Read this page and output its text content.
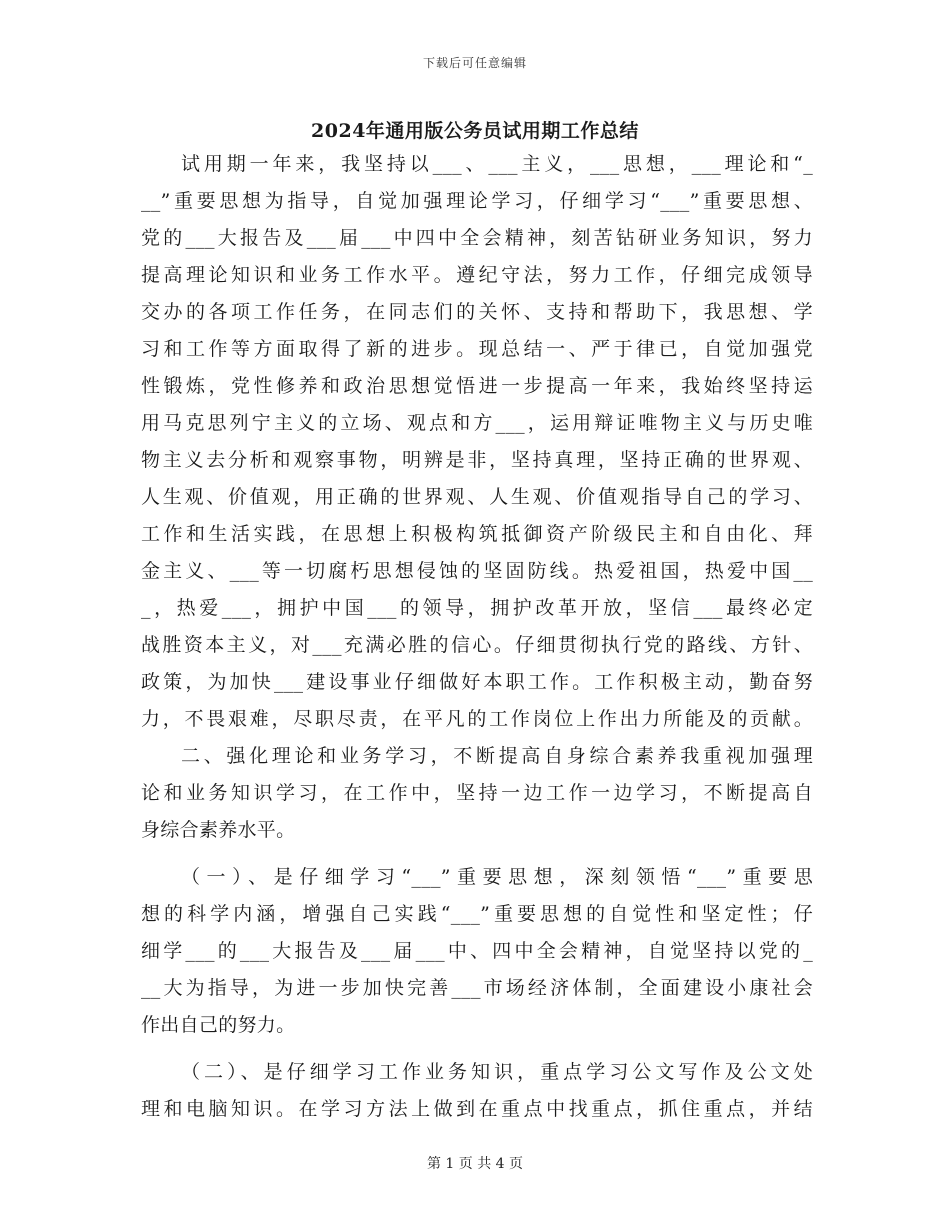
下载后可任意编辑
2024年通用版公务员试用期工作总结
试用期一年来，我坚持以___、___主义，___思想，___理论和“_
__”重要思想为指导，自觉加强理论学习，仔细学习“___”重要思想、
党的___大报告及___届___中四中全会精神，刻苦钻研业务知识，努力
提高理论知识和业务工作水平。遵纪守法，努力工作，仔细完成领导
交办的各项工作任务，在同志们的关怀、支持和帮助下，我思想、学
习和工作等方面取得了新的进步。现总结一、严于律已，自觉加强党
性锻炼，党性修养和政治思想觉悟进一步提高一年来，我始终坚持运
用马克思列宁主义的立场、观点和方___，运用辩证唯物主义与历史唯
物主义去分析和观察事物，明辨是非，坚持真理，坚持正确的世界观、
人生观、价值观，用正确的世界观、人生观、价值观指导自己的学习、
工作和生活实践，在思想上积极构筑抵御资产阶级民主和自由化、拜
金主义、___等一切腐朽思想侵蚀的坚固防线。热爱祖国，热爱中国__
_，热爱___，拥护中国___的领导，拥护改革开放，坚信___最终必定
战胜资本主义，对___充满必胜的信心。仔细贯彻执行党的路线、方针、
政策，为加快___建设事业仔细做好本职工作。工作积极主动，勤奋努
力，不畏艰难，尽职尽责，在平凡的工作岗位上作出力所能及的贡献。
二、强化理论和业务学习，不断提高自身综合素养我重视加强理
论和业务知识学习，在工作中，坚持一边工作一边学习，不断提高自
身综合素养水平。
（一）、是仔细学习“___”重要思想，深刻领悟“___”重要思
想的科学内涵，增强自己实践“___”重要思想的自觉性和坚定性；仔
细学___的___大报告及___届___中、四中全会精神，自觉坚持以党的_
__大为指导，为进一步加快完善___市场经济体制，全面建设小康社会
作出自己的努力。
（二）、是仔细学习工作业务知识，重点学习公文写作及公文处
理和电脑知识。在学习方法上做到在重点中找重点，抓住重点，并结
第 1 页 共 4 页
